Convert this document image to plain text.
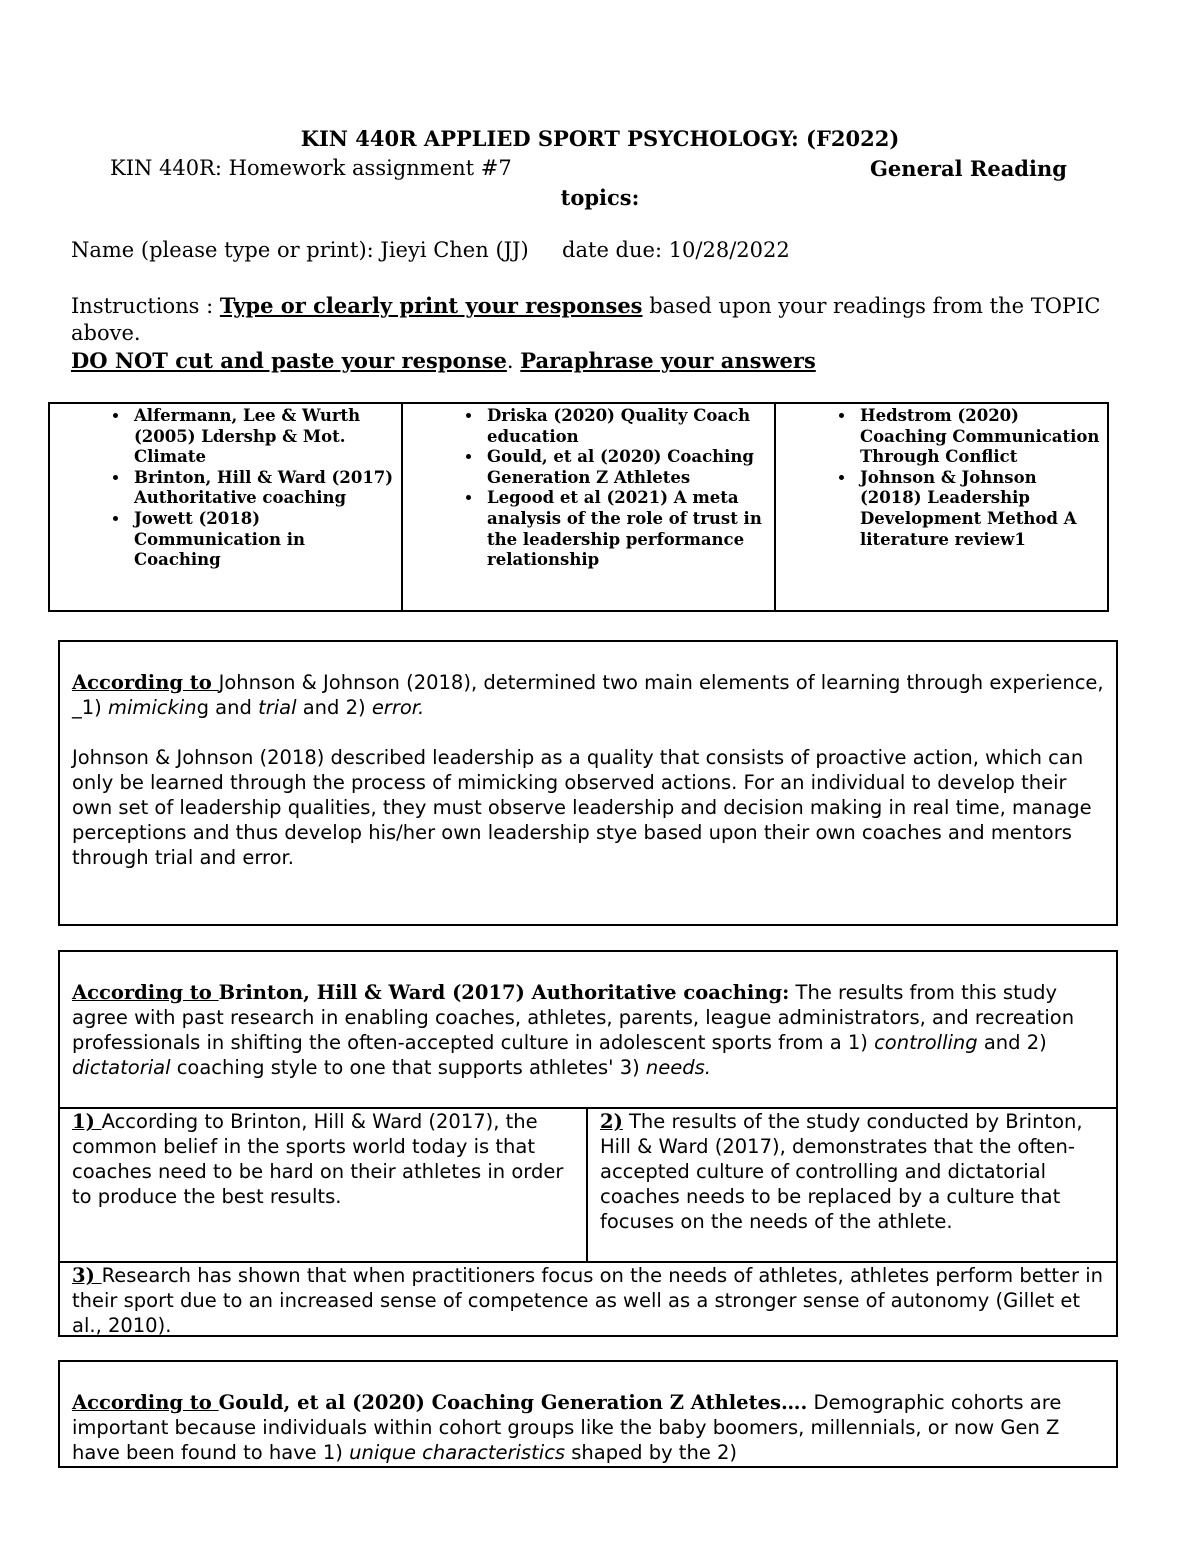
KIN 440R APPLIED SPORT PSYCHOLOGY: (F2022)
KIN 440R: Homework assignment #7	General Reading
topics:
Name (please type or print): Jieyi Chen (JJ)     date due: 10/28/2022
Instructions : Type or clearly print your responses based upon your readings from the TOPIC above.
DO NOT cut and paste your response. Paraphrase your answers
• Alfermann, Lee & Wurth (2005) Ldershp & Mot. Climate
• Brinton, Hill & Ward (2017) Authoritative coaching
• Jowett (2018) Communication in Coaching

• Driska (2020) Quality Coach education
• Gould, et al (2020) Coaching Generation Z Athletes
• Legood et al (2021) A meta analysis of the role of trust in the leadership performance relationship

• Hedstrom (2020) Coaching Communication Through Conflict
• Johnson & Johnson (2018) Leadership Development Method A literature review1

According to Johnson & Johnson (2018), determined two main elements of learning through experience,
_1) mimicking and trial and 2) error.

Johnson & Johnson (2018) described leadership as a quality that consists of proactive action, which can only be learned through the process of mimicking observed actions. For an individual to develop their own set of leadership qualities, they must observe leadership and decision making in real time, manage perceptions and thus develop his/her own leadership stye based upon their own coaches and mentors through trial and error.

According to Brinton, Hill & Ward (2017) Authoritative coaching: The results from this study agree with past research in enabling coaches, athletes, parents, league administrators, and recreation professionals in shifting the often-accepted culture in adolescent sports from a 1) controlling and 2) dictatorial coaching style to one that supports athletes' 3) needs.
1) According to Brinton, Hill & Ward (2017), the common belief in the sports world today is that coaches need to be hard on their athletes in order to produce the best results.
2) The results of the study conducted by Brinton, Hill & Ward (2017), demonstrates that the often-accepted culture of controlling and dictatorial coaches needs to be replaced by a culture that focuses on the needs of the athlete.
3) Research has shown that when practitioners focus on the needs of athletes, athletes perform better in their sport due to an increased sense of competence as well as a stronger sense of autonomy (Gillet et al., 2010).
According to Gould, et al (2020) Coaching Generation Z Athletes…. Demographic cohorts are important because individuals within cohort groups like the baby boomers, millennials, or now Gen Z have been found to have 1) unique characteristics shaped by the 2)
